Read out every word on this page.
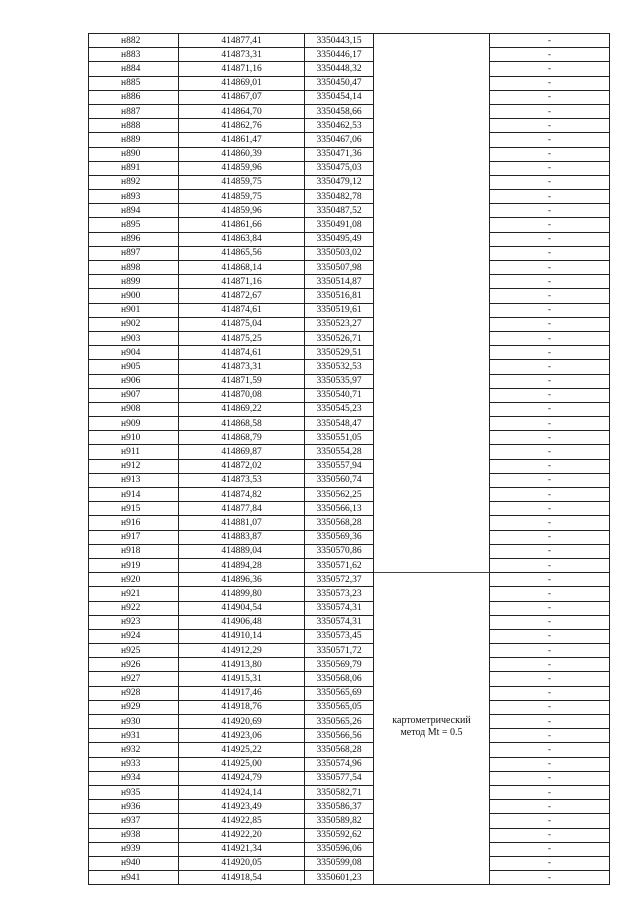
н882	414877,41	3350443,15		-
н883	414873,31	3350446,17		-
н884	414871,16	3350448,32		-
н885	414869,01	3350450,47		-
н886	414867,07	3350454,14		-
н887	414864,70	3350458,66		-
н888	414862,76	3350462,53		-
н889	414861,47	3350467,06		-
н890	414860,39	3350471,36		-
н891	414859,96	3350475,03		-
н892	414859,75	3350479,12		-
н893	414859,75	3350482,78		-
н894	414859,96	3350487,52		-
н895	414861,66	3350491,08		-
н896	414863,84	3350495,49		-
н897	414865,56	3350503,02		-
н898	414868,14	3350507,98		-
н899	414871,16	3350514,87		-
н900	414872,67	3350516,81		-
н901	414874,61	3350519,61		-
н902	414875,04	3350523,27		-
н903	414875,25	3350526,71		-
н904	414874,61	3350529,51		-
н905	414873,31	3350532,53		-
н906	414871,59	3350535,97		-
н907	414870,08	3350540,71		-
н908	414869,22	3350545,23		-
н909	414868,58	3350548,47		-
н910	414868,79	3350551,05		-
н911	414869,87	3350554,28		-
н912	414872,02	3350557,94		-
н913	414873,53	3350560,74		-
н914	414874,82	3350562,25		-
н915	414877,84	3350566,13		-
н916	414881,07	3350568,28		-
н917	414883,87	3350569,36		-
н918	414889,04	3350570,86		-
н919	414894,28	3350571,62		-
н920	414896,36	3350572,37		-
н921	414899,80	3350573,23		-
н922	414904,54	3350574,31		-
н923	414906,48	3350574,31		-
н924	414910,14	3350573,45		-
н925	414912,29	3350571,72		-
н926	414913,80	3350569,79		-
н927	414915,31	3350568,06		-
н928	414917,46	3350565,69		-
н929	414918,76	3350565,05		-
н930	414920,69	3350565,26	картометрический метод Mt = 0.5	-
н931	414923,06	3350566,56		-
н932	414925,22	3350568,28		-
н933	414925,00	3350574,96		-
н934	414924,79	3350577,54		-
н935	414924,14	3350582,71		-
н936	414923,49	3350586,37		-
н937	414922,85	3350589,82		-
н938	414922,20	3350592,62		-
н939	414921,34	3350596,06		-
н940	414920,05	3350599,08		-
н941	414918,54	3350601,23		-
